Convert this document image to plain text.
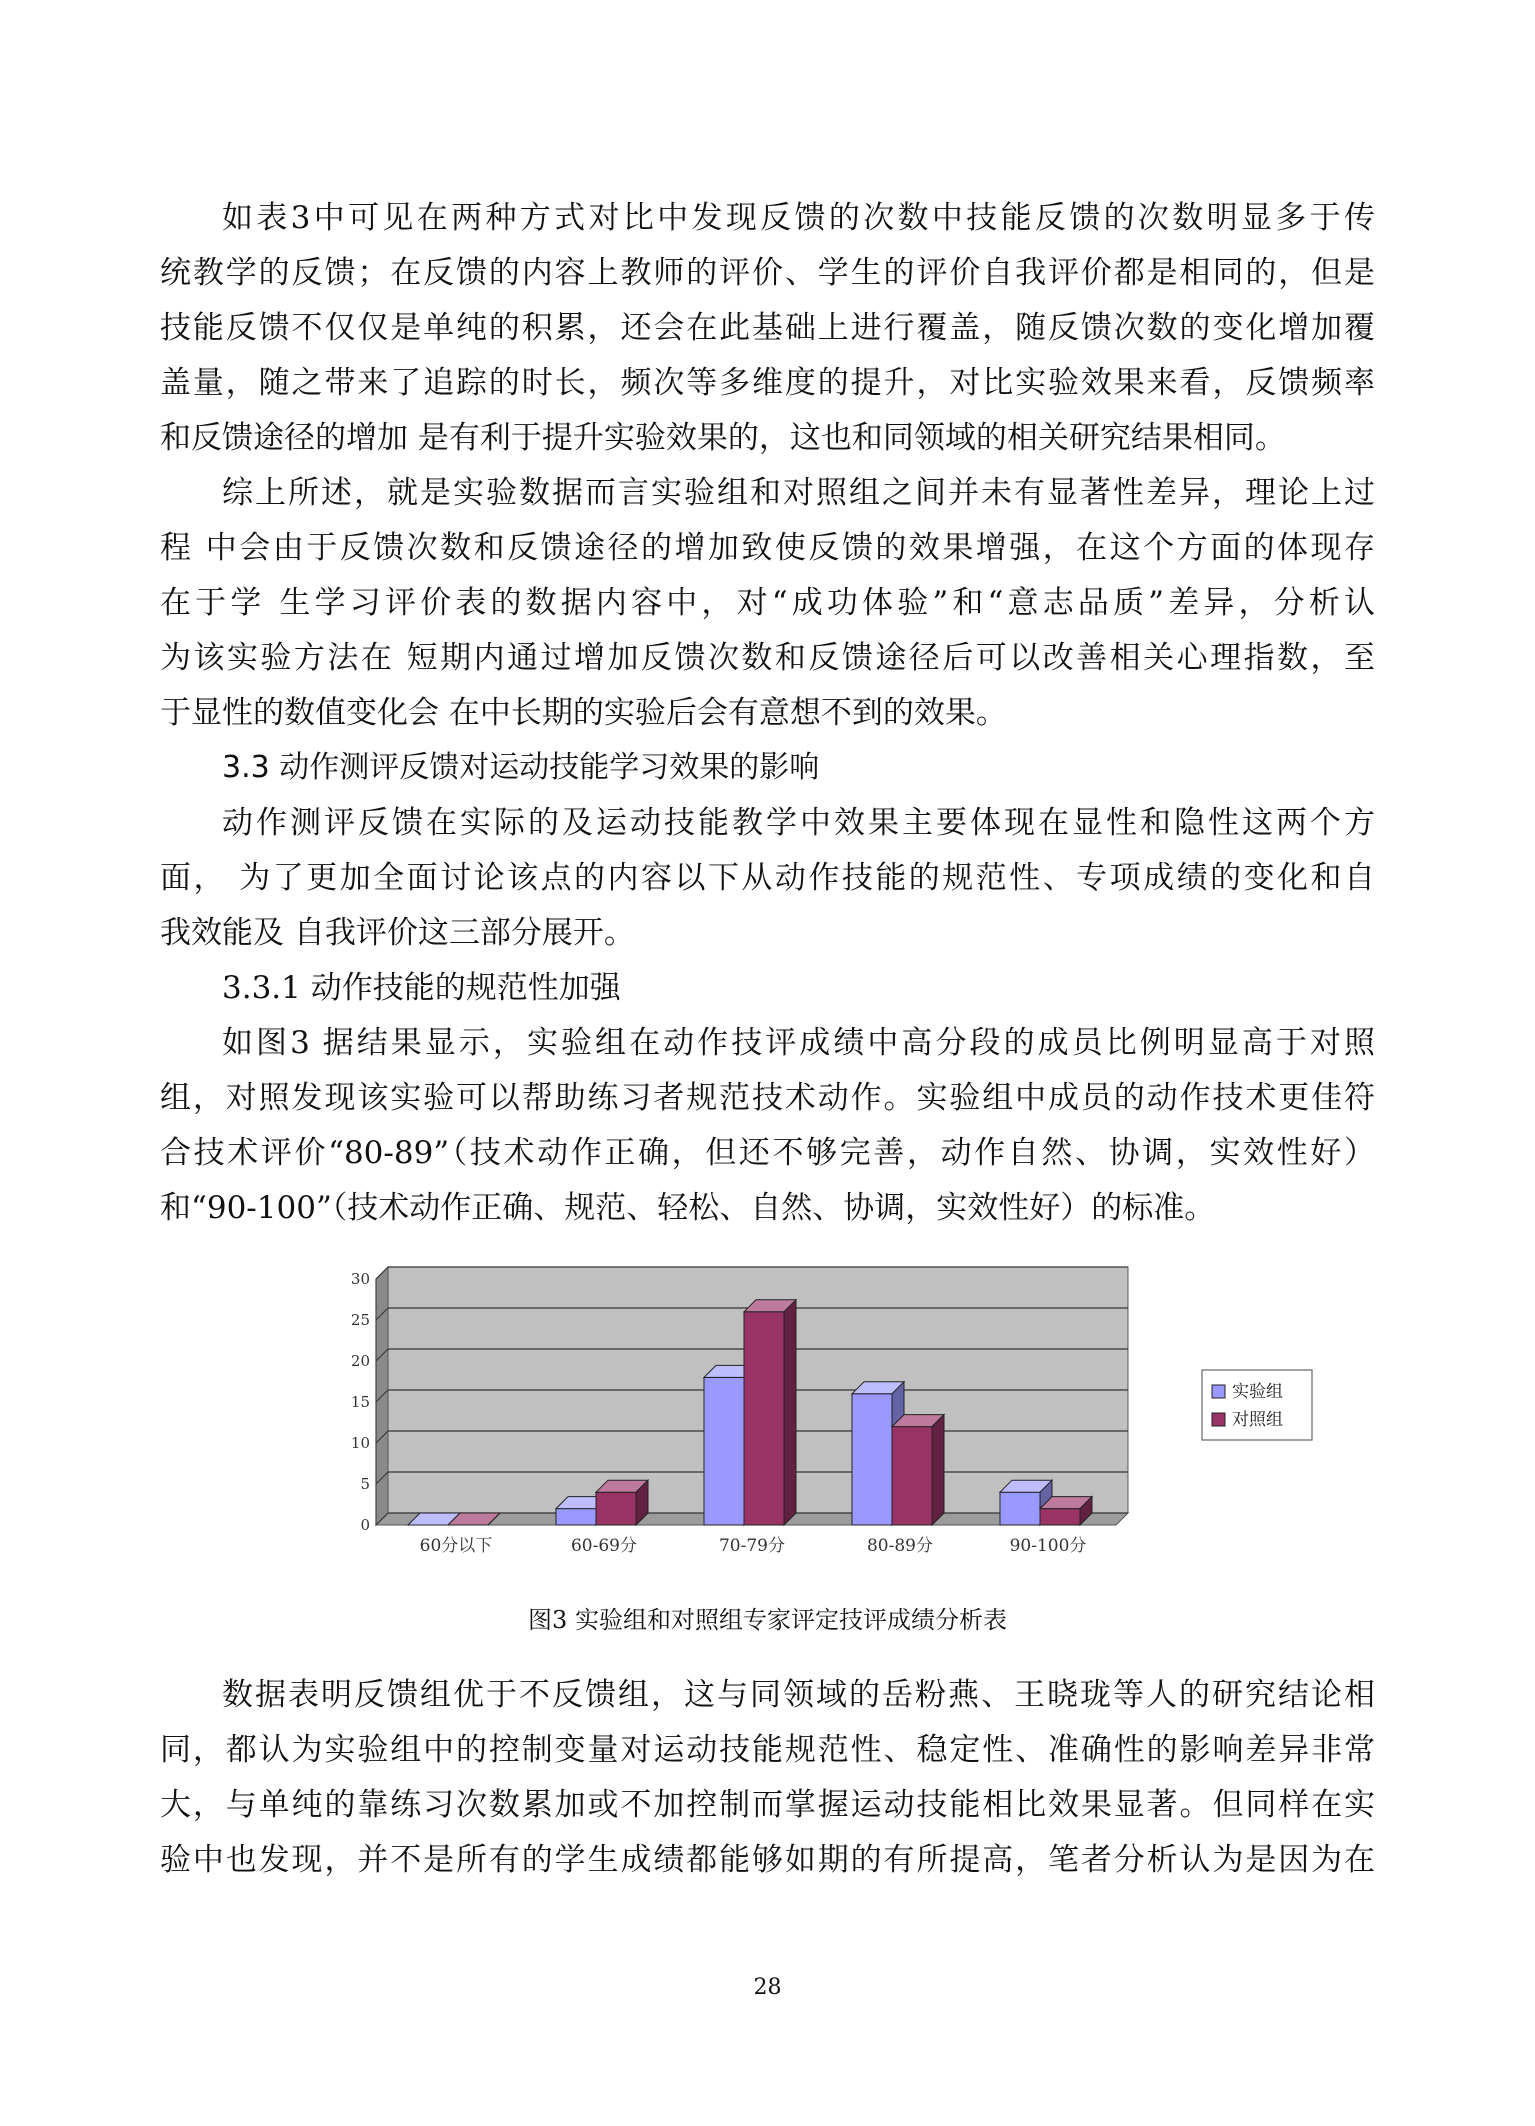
如表3中可见在两种方式对比中发现反馈的次数中技能反馈的次数明显多于传
统教学的反馈；在反馈的内容上教师的评价、学生的评价自我评价都是相同的，但是
技能反馈不仅仅是单纯的积累，还会在此基础上进行覆盖，随反馈次数的变化增加覆
盖量，随之带来了追踪的时长，频次等多维度的提升，对比实验效果来看，反馈频率
和反馈途径的增加 是有利于提升实验效果的，这也和同领域的相关研究结果相同。
综上所述，就是实验数据而言实验组和对照组之间并未有显著性差异，理论上过
程 中会由于反馈次数和反馈途径的增加致使反馈的效果增强，在这个方面的体现存
在于学 生学习评价表的数据内容中，对“成功体验”和“意志品质”差异，分析认
为该实验方法在 短期内通过增加反馈次数和反馈途径后可以改善相关心理指数，至
于显性的数值变化会 在中长期的实验后会有意想不到的效果。
3.3 动作测评反馈对运动技能学习效果的影响
动作测评反馈在实际的及运动技能教学中效果主要体现在显性和隐性这两个方
面， 为了更加全面讨论该点的内容以下从动作技能的规范性、专项成绩的变化和自
我效能及 自我评价这三部分展开。
3.3.1 动作技能的规范性加强
如图3 据结果显示，实验组在动作技评成绩中高分段的成员比例明显高于对照
组，对照发现该实验可以帮助练习者规范技术动作。实验组中成员的动作技术更佳符
合技术评价“80-89”（技术动作正确，但还不够完善，动作自然、协调，实效性好）
和“90-100”（技术动作正确、规范、轻松、自然、协调，实效性好）的标准。
0
5
10
15
20
25
30
60分以下	60-69分	70-79分	80-89分	90-100分
实验组
对照组
图3 实验组和对照组专家评定技评成绩分析表
数据表明反馈组优于不反馈组，这与同领域的岳粉燕、王晓珑等人的研究结论相
同，都认为实验组中的控制变量对运动技能规范性、稳定性、准确性的影响差异非常
大，与单纯的靠练习次数累加或不加控制而掌握运动技能相比效果显著。但同样在实
验中也发现，并不是所有的学生成绩都能够如期的有所提高，笔者分析认为是因为在
28
